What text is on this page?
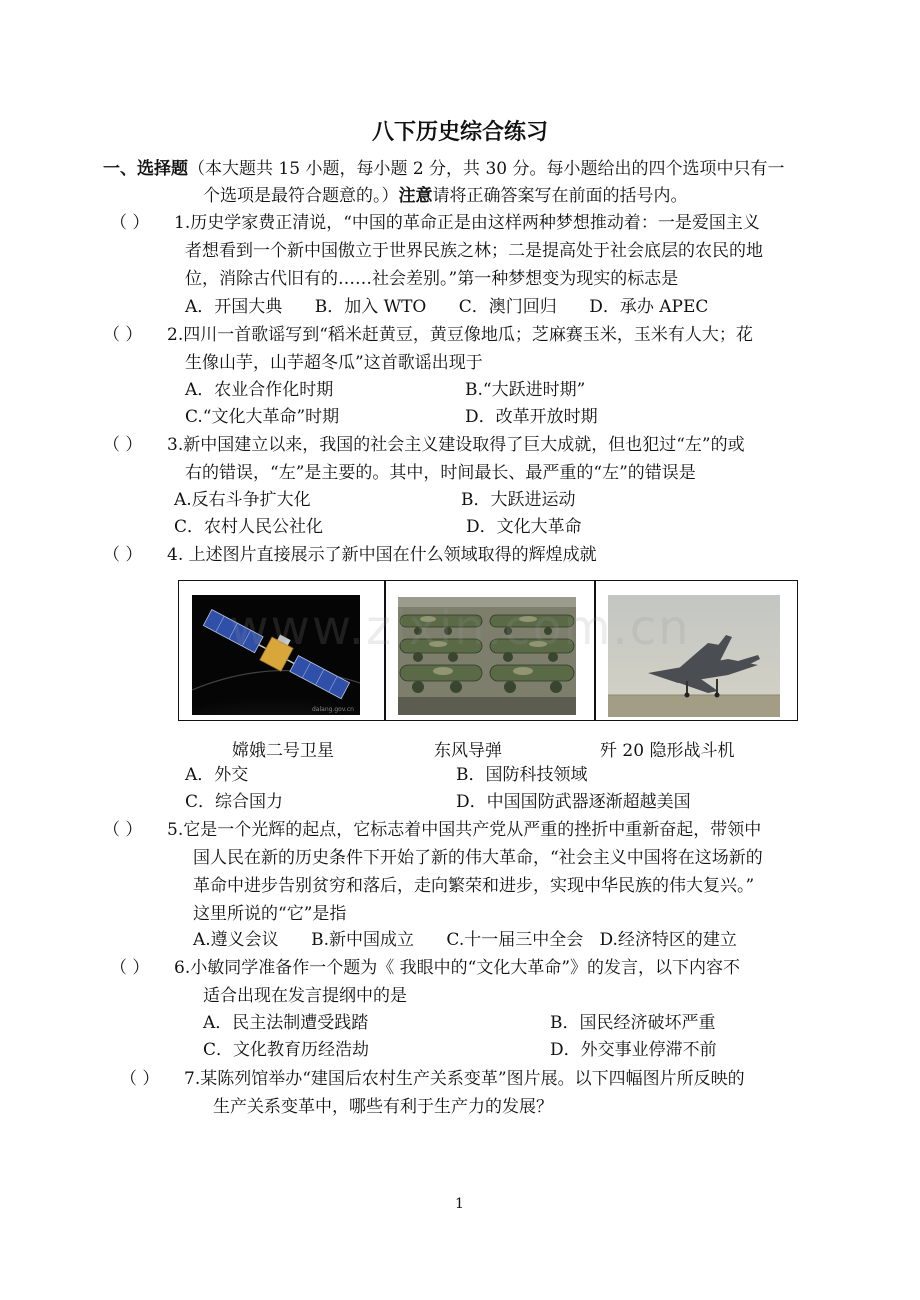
八下历史综合练习
一、选择题（本大题共 15 小题，每小题 2 分，共 30 分。每小题给出的四个选项中只有一
个选项是最符合题意的。）注意请将正确答案写在前面的括号内。
（ ） 1.历史学家费正清说，“中国的革命正是由这样两种梦想推动着：一是爱国主义
者想看到一个新中国傲立于世界民族之林；二是提高处于社会底层的农民的地
位，消除古代旧有的……社会差别。”第一种梦想变为现实的标志是
A．开国大典      B．加入 WTO      C．澳门回归      D．承办 APEC
（ ） 2.四川一首歌谣写到“稻米赶黄豆，黄豆像地瓜；芝麻赛玉米，玉米有人大；花
生像山芋，山芋超冬瓜”这首歌谣出现于
A．农业合作化时期	B.“大跃进时期”
C.“文化大革命”时期	D．改革开放时期
（ ） 3.新中国建立以来，我国的社会主义建设取得了巨大成就，但也犯过“左”的或
右的错误，“左”是主要的。其中，时间最长、最严重的“左”的错误是
A.反右斗争扩大化	B．大跃进运动
C．农村人民公社化	D．文化大革命
（ ） 4. 上述图片直接展示了新中国在什么领域取得的辉煌成就
dalang.gov.cn
www.zixin.com.cn
嫦娥二号卫星	东风导弹	歼 20 隐形战斗机
A．外交	B．国防科技领域
C．综合国力	D．中国国防武器逐渐超越美国
（ ） 5.它是一个光辉的起点，它标志着中国共产党从严重的挫折中重新奋起，带领中
国人民在新的历史条件下开始了新的伟大革命，“社会主义中国将在这场新的
革命中进步告别贫穷和落后，走向繁荣和进步，实现中华民族的伟大复兴。”
这里所说的“它”是指
A.遵义会议      B.新中国成立      C.十一届三中全会   D.经济特区的建立
（ ） 6.小敏同学准备作一个题为《 我眼中的“文化大革命”》的发言，以下内容不
适合出现在发言提纲中的是
A．民主法制遭受践踏	B．国民经济破坏严重
C．文化教育历经浩劫	D．外交事业停滞不前
（ ） 7.某陈列馆举办“建国后农村生产关系变革”图片展。以下四幅图片所反映的
生产关系变革中，哪些有利于生产力的发展？
1
